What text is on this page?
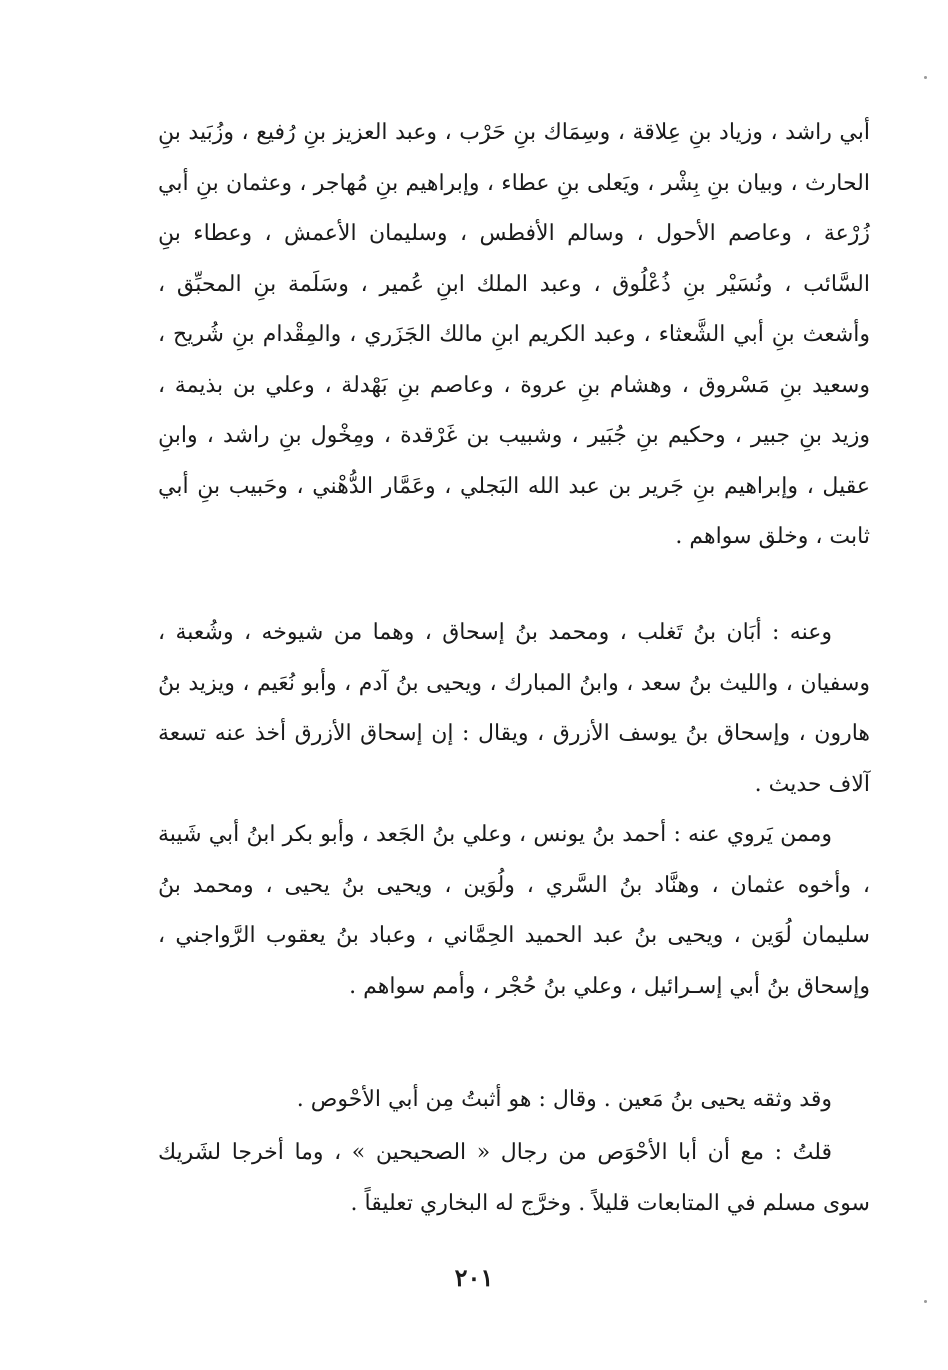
أبي راشد ، وزياد بنِ عِلاقة ، وسِمَاك بنِ حَرْب ، وعبد العزيز بنِ رُفيع ، وزُبَيد بنِ الحارث ، وبيان بنِ بِشْر ، ويَعلى بنِ عطاء ، وإبراهيم بنِ مُهاجر ، وعثمان بنِ أبي زُرْعة ، وعاصم الأحول ، وسالم الأفطس ، وسليمان الأعمش ، وعطاء بنِ السَّائب ، ونُسَيْر بنِ ذُعْلُوق ، وعبد الملك ابنِ عُمير ، وسَلَمة بنِ المحبِّق ، وأشعث بنِ أبي الشَّعثاء ، وعبد الكريم ابنِ مالك الجَزَري ، والمِقْدام بنِ شُريح ، وسعيد بنِ مَسْروق ، وهشام بنِ عروة ، وعاصم بنِ بَهْدلة ، وعلي بن بذيمة ، وزيد بنِ جبير ، وحكيم بنِ جُبَير ، وشبيب بن غَرْقدة ، ومِخْول بنِ راشد ، وابنِ عقيل ، وإبراهيم بنِ جَرير بن عبد الله البَجلي ، وعَمَّار الدُّهْني ، وحَبيب بنِ أبي ثابت ، وخلق سواهم .

وعنه : أبَان بنُ تَغلب ، ومحمد بنُ إسحاق ، وهما من شيوخه ، وشُعبة ، وسفيان ، والليث بنُ سعد ، وابنُ المبارك ، ويحيى بنُ آدم ، وأبو نُعَيم ، ويزيد بنُ هارون ، وإسحاق بنُ يوسف الأزرق ، ويقال : إن إسحاق الأزرق أخذ عنه تسعة آلاف حديث .

وممن يَروي عنه : أحمد بنُ يونس ، وعلي بنُ الجَعد ، وأبو بكر ابنُ أبي شَيبة ، وأخوه عثمان ، وهنَّاد بنُ السَّري ، ولُوَين ، ويحيى بنُ يحيى ، ومحمد بنُ سليمان لُوَين ، ويحيى بنُ عبد الحميد الحِمَّاني ، وعباد بنُ يعقوب الرَّواجني ، وإسحاق بنُ أبي إسـرائيل ، وعلي بنُ حُجْر ، وأمم سواهم .

وقد وثقه يحيى بنُ مَعين . وقال : هو أثبتُ مِن أبي الأحْوص .

قلتُ : مع أن أبا الأحْوَص من رجال « الصحيحين » ، وما أخرجا لشَريك سوى مسلم في المتابعات قليلاً . وخرَّج له البخاري تعليقاً .

٢٠١
